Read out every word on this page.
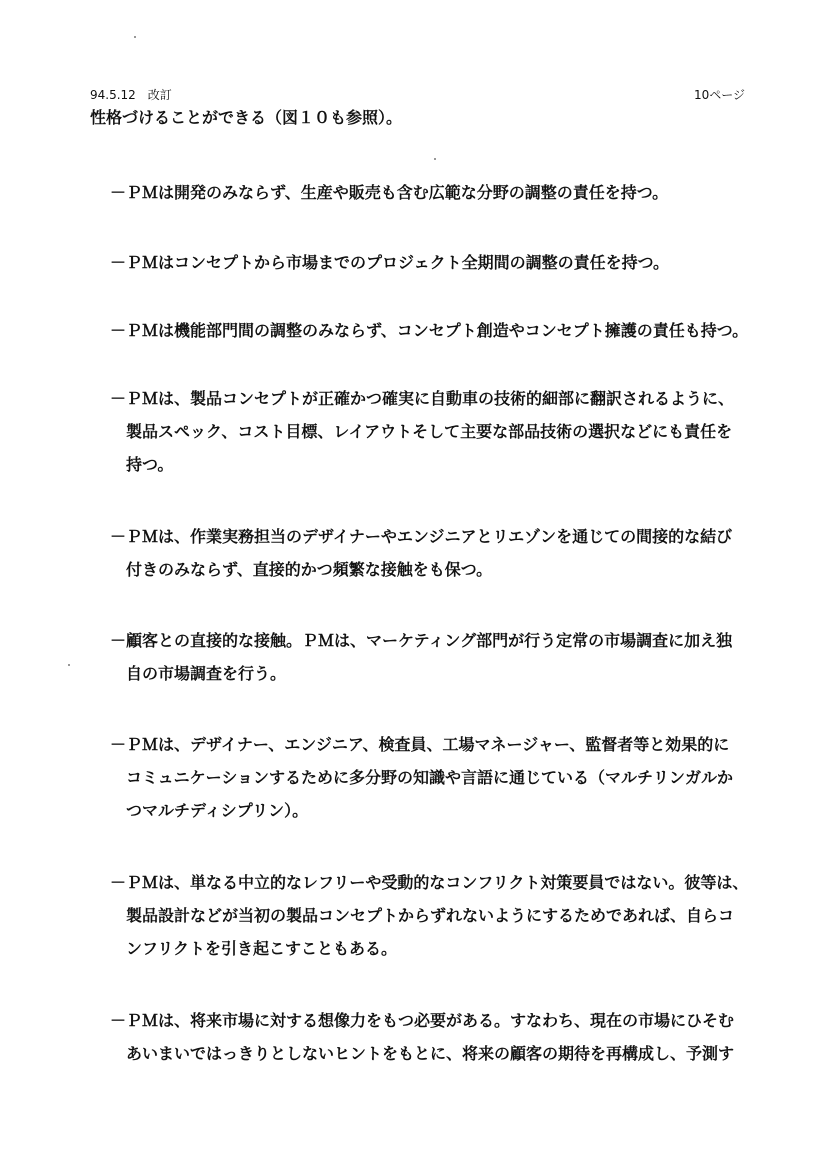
94.5.12　改訂	10ページ
性格づけることができる（図１０も参照）。
－ＰＭは開発のみならず、生産や販売も含む広範な分野の調整の責任を持つ。
－ＰＭはコンセプトから市場までのプロジェクト全期間の調整の責任を持つ。
－ＰＭは機能部門間の調整のみならず、コンセプト創造やコンセプト擁護の責任も持つ。
－ＰＭは、製品コンセプトが正確かつ確実に自動車の技術的細部に翻訳されるように、
製品スペック、コスト目標、レイアウトそして主要な部品技術の選択などにも責任を
持つ。
－ＰＭは、作業実務担当のデザイナーやエンジニアとリエゾンを通じての間接的な結び
付きのみならず、直接的かつ頻繁な接触をも保つ。
－顧客との直接的な接触。ＰＭは、マーケティング部門が行う定常の市場調査に加え独
自の市場調査を行う。
－ＰＭは、デザイナー、エンジニア、検査員、工場マネージャー、監督者等と効果的に
コミュニケーションするために多分野の知識や言語に通じている（マルチリンガルか
つマルチディシプリン）。
－ＰＭは、単なる中立的なレフリーや受動的なコンフリクト対策要員ではない。彼等は、
製品設計などが当初の製品コンセプトからずれないようにするためであれば、自らコ
ンフリクトを引き起こすこともある。
－ＰＭは、将来市場に対する想像力をもつ必要がある。すなわち、現在の市場にひそむ
あいまいではっきりとしないヒントをもとに、将来の顧客の期待を再構成し、予測す
